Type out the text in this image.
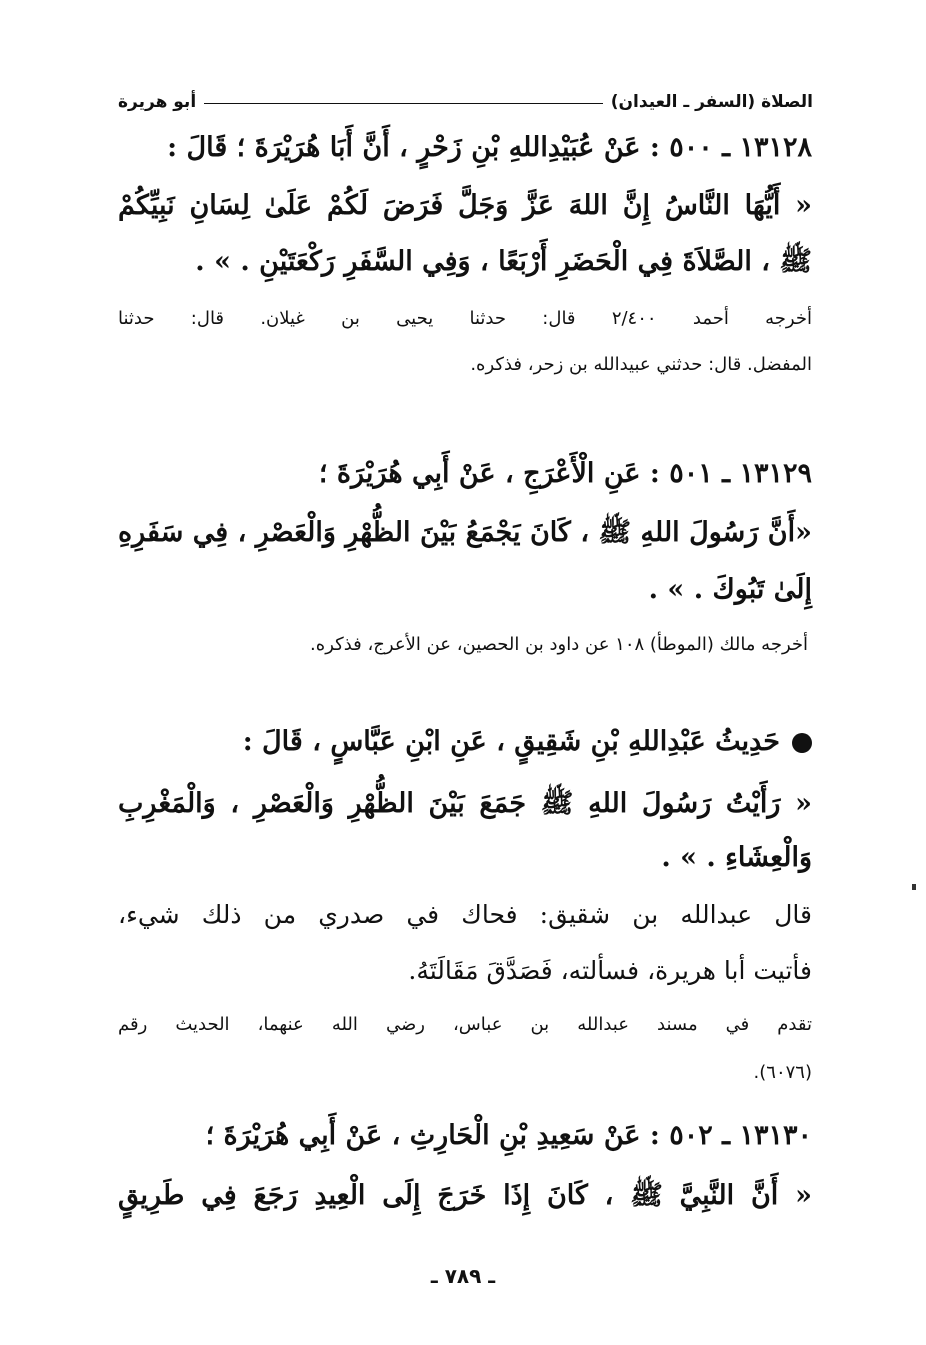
الصلاة (السفر ـ العيدان)
أبو هريرة
١٣١٢٨ ـ ٥٠٠ : عَنْ عُبَيْدِاللهِ بْنِ زَحْرٍ ، أَنَّ أَبَا هُرَيْرَةَ ؛ قَالَ :
« أَيُّهَا النَّاسُ إِنَّ اللهَ عَزَّ وَجَلَّ فَرَضَ لَكُمْ عَلَىٰ لِسَانِ نَبِيِّكُمْ
ﷺ ، الصَّلاَةَ فِي الْحَضَرِ أَرْبَعًا ، وَفِي السَّفَرِ رَكْعَتَيْنِ . » .
أخرجه أحمد ٢/٤٠٠ قال: حدثنا يحيى بن غيلان. قال: حدثنا
المفضل. قال: حدثني عبيدالله بن زحر، فذكره.
١٣١٢٩ ـ ٥٠١ : عَنِ الْأَعْرَجِ ، عَنْ أَبِي هُرَيْرَةَ ؛
«أَنَّ رَسُولَ اللهِ ﷺ ، كَانَ يَجْمَعُ بَيْنَ الظُّهْرِ وَالْعَصْرِ ، فِي سَفَرِهِ
إِلَىٰ تَبُوكَ . » .
أخرجه مالك (الموطأ) ١٠٨ عن داود بن الحصين، عن الأعرج، فذكره.
حَدِيثُ عَبْدِاللهِ بْنِ شَقِيقٍ ، عَنِ ابْنِ عَبَّاسٍ ، قَالَ :
« رَأَيْتُ رَسُولَ اللهِ ﷺ جَمَعَ بَيْنَ الظُّهْرِ وَالْعَصْرِ ، وَالْمَغْرِبِ
وَالْعِشَاءِ . » .
قال عبدالله بن شقيق: فحاك في صدري من ذلك شيء،
فأتيت أبا هريرة، فسألته، فَصَدَّقَ مَقَالَتَهُ.
تقدم في مسند عبدالله بن عباس، رضي الله عنهما، الحديث رقم
(٦٠٧٦).
١٣١٣٠ ـ ٥٠٢ : عَنْ سَعِيدِ بْنِ الْحَارِثِ ، عَنْ أَبِي هُرَيْرَةَ ؛
« أَنَّ النَّبِيَّ ﷺ ، كَانَ إِذَا خَرَجَ إِلَى الْعِيدِ رَجَعَ فِي طَرِيقٍ
ـ ٧٨٩ ـ
